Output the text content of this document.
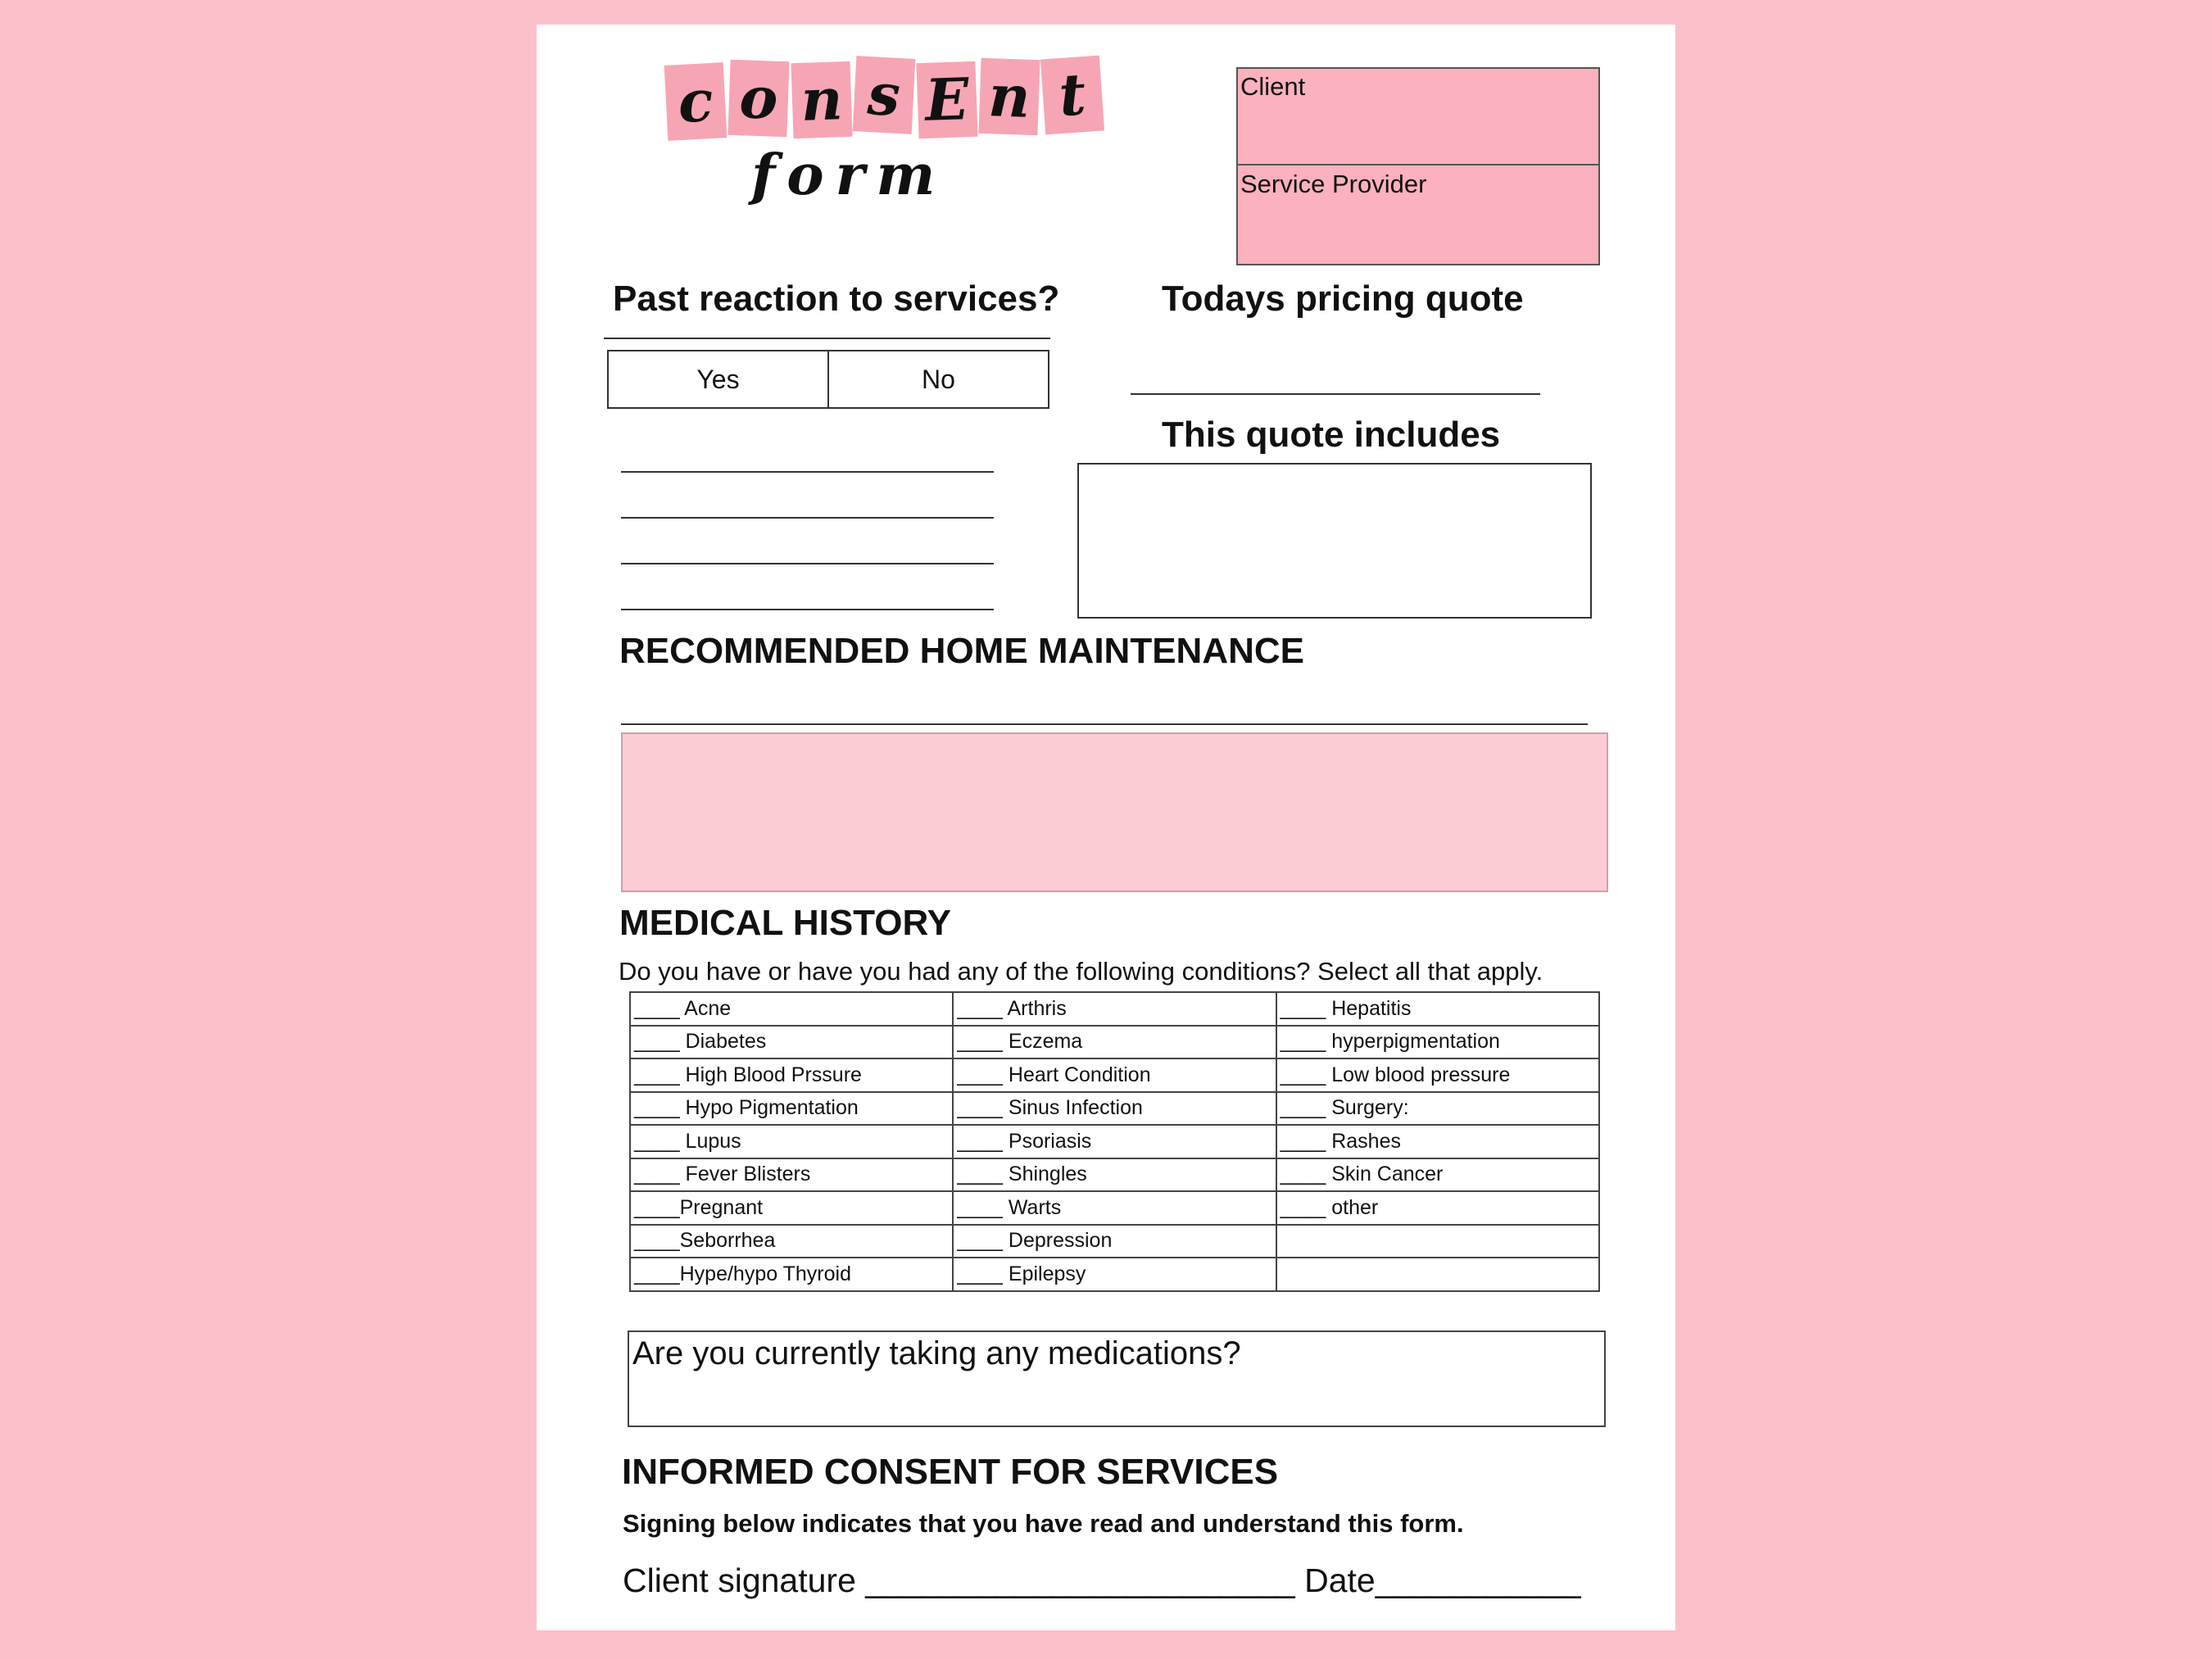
c o n s E n t
form
Client
Service Provider
Past reaction to services?
Yes	No
Todays pricing quote
This quote includes
RECOMMENDED HOME MAINTENANCE
MEDICAL HISTORY
Do you have or have you had any of the following conditions? Select all that apply.
____ Acne	____ Arthris	____ Hepatitis
____ Diabetes	____ Eczema	____ hyperpigmentation
____ High Blood Prssure	____ Heart Condition	____ Low blood pressure
____ Hypo Pigmentation	____ Sinus Infection	____ Surgery:
____ Lupus	____ Psoriasis	____ Rashes
____ Fever Blisters	____ Shingles	____ Skin Cancer
____Pregnant	____ Warts	____ other
____Seborrhea	____ Depression	
____Hype/hypo Thyroid	____ Epilepsy	
Are you currently taking any medications?
INFORMED CONSENT FOR SERVICES
Signing below indicates that you have read and understand this form.
Client signature _______________________ Date___________
